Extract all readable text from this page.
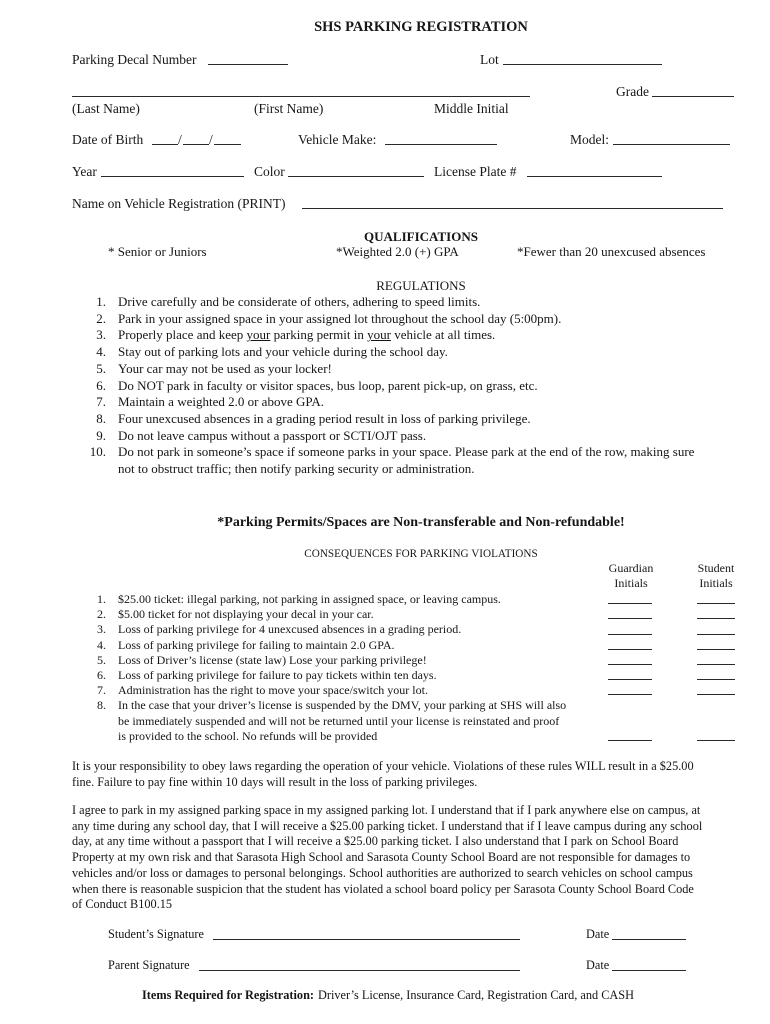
SHS PARKING REGISTRATION
Parking Decal Number	Lot
Grade
(Last Name)	(First Name)	Middle Initial
Date of Birth	/ /	Vehicle Make:	Model:
Year	Color	License Plate #
Name on Vehicle Registration (PRINT)
QUALIFICATIONS
* Senior or Juniors	*Weighted 2.0 (+) GPA	*Fewer than 20 unexcused absences
REGULATIONS
1. Drive carefully and be considerate of others, adhering to speed limits.
2. Park in your assigned space in your assigned lot throughout the school day (5:00pm).
3. Properly place and keep your parking permit in your vehicle at all times.
4. Stay out of parking lots and your vehicle during the school day.
5. Your car may not be used as your locker!
6. Do NOT park in faculty or visitor spaces, bus loop, parent pick-up, on grass, etc.
7. Maintain a weighted 2.0 or above GPA.
8. Four unexcused absences in a grading period result in loss of parking privilege.
9. Do not leave campus without a passport or SCTI/OJT pass.
10. Do not park in someone’s space if someone parks in your space. Please park at the end of the row, making sure not to obstruct traffic; then notify parking security or administration.
*Parking Permits/Spaces are Non-transferable and Non-refundable!
CONSEQUENCES FOR PARKING VIOLATIONS
Guardian
Initials
Student
Initials
1. $25.00 ticket: illegal parking, not parking in assigned space, or leaving campus.
2. $5.00 ticket for not displaying your decal in your car.
3. Loss of parking privilege for 4 unexcused absences in a grading period.
4. Loss of parking privilege for failing to maintain 2.0 GPA.
5. Loss of Driver’s license (state law) Lose your parking privilege!
6. Loss of parking privilege for failure to pay tickets within ten days.
7. Administration has the right to move your space/switch your lot.
8. In the case that your driver’s license is suspended by the DMV, your parking at SHS will also be immediately suspended and will not be returned until your license is reinstated and proof is provided to the school. No refunds will be provided

It is your responsibility to obey laws regarding the operation of your vehicle. Violations of these rules WILL result in a $25.00 fine. Failure to pay fine within 10 days will result in the loss of parking privileges.

I agree to park in my assigned parking space in my assigned parking lot. I understand that if I park anywhere else on campus, at any time during any school day, that I will receive a $25.00 parking ticket. I understand that if I leave campus during any school day, at any time without a passport that I will receive a $25.00 parking ticket. I also understand that I park on School Board Property at my own risk and that Sarasota High School and Sarasota County School Board are not responsible for damages to vehicles and/or loss or damages to personal belongings. School authorities are authorized to search vehicles on school campus when there is reasonable suspicion that the student has violated a school board policy per Sarasota County School Board Code of Conduct B100.15

Student’s Signature	Date
Parent Signature	Date
Items Required for Registration: Driver’s License, Insurance Card, Registration Card, and CASH
